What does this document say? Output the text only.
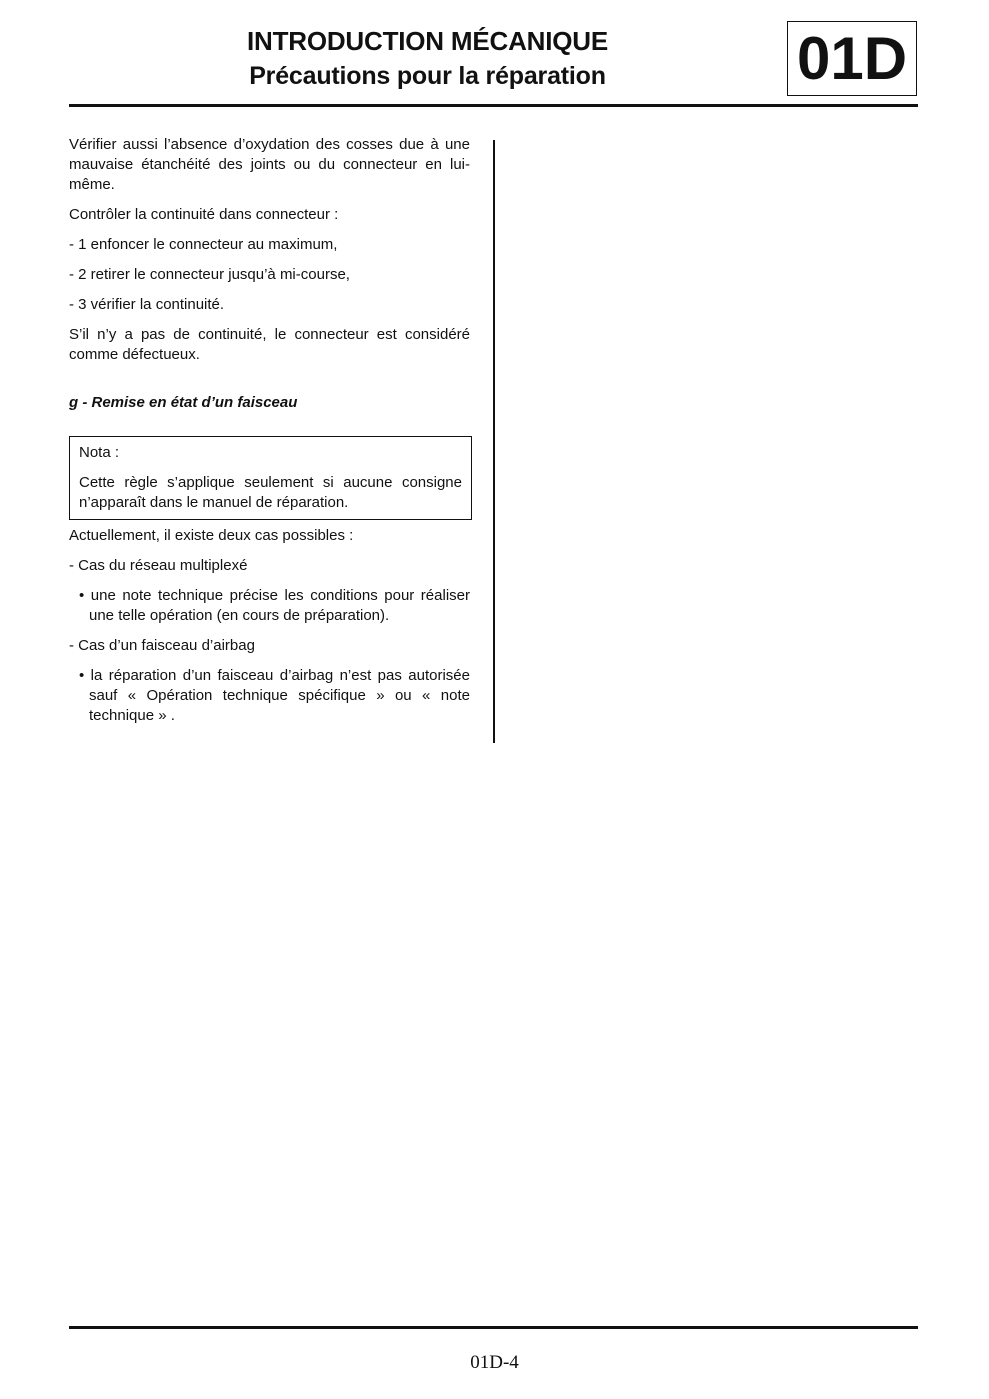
INTRODUCTION MÉCANIQUE
Précautions pour la réparation	01D

Vérifier aussi l’absence d’oxydation des cosses due à une mauvaise étanchéité des joints ou du connecteur en lui-même.

Contrôler la continuité dans connecteur :

- 1 enfoncer le connecteur au maximum,

- 2 retirer le connecteur jusqu’à mi-course,

- 3 vérifier la continuité.

S’il n’y a pas de continuité, le connecteur est considéré comme défectueux.

g - Remise en état d’un faisceau

Nota :

Cette règle s’applique seulement si aucune consigne n’apparaît dans le manuel de réparation.

Actuellement, il existe deux cas possibles :

- Cas du réseau multiplexé

• une note technique précise les conditions pour réaliser une telle opération (en cours de préparation).

- Cas d’un faisceau d’airbag

• la réparation d’un faisceau d’airbag n’est pas autorisée sauf « Opération technique spécifique » ou « note technique » .

01D-4
